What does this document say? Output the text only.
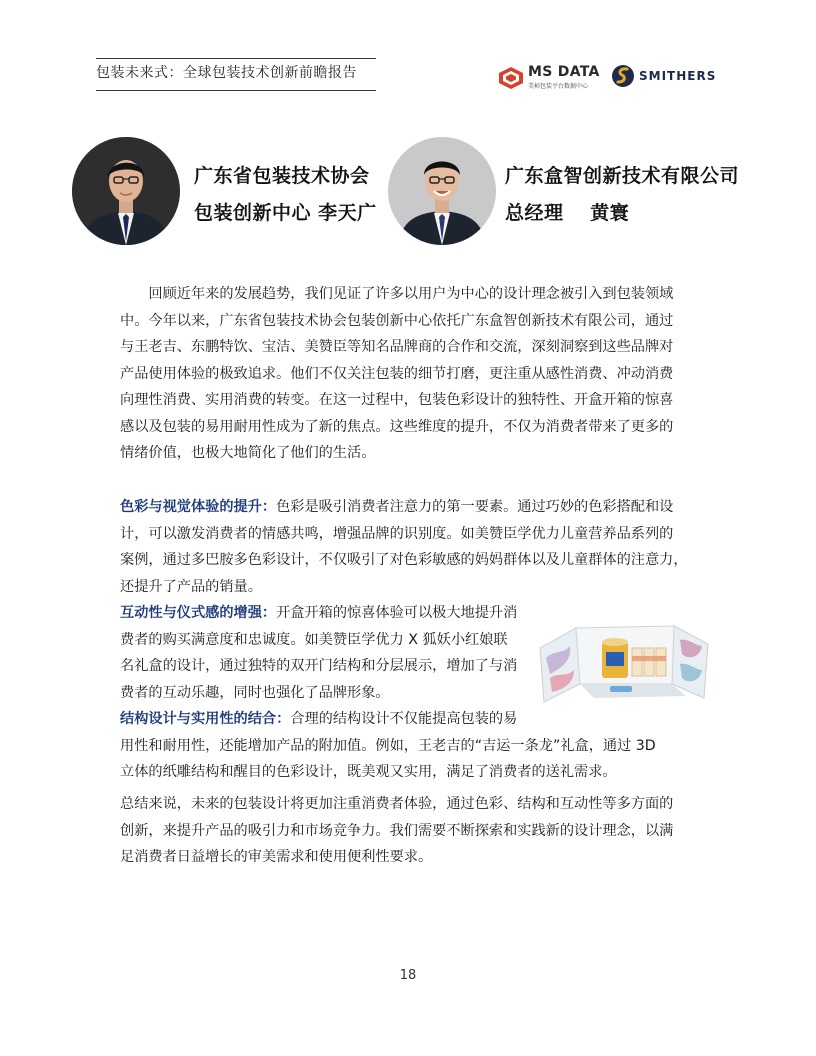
包装未来式：全球包装技术创新前瞻报告	MS DATA
美柿包装平台数据中心
SMITHERS
广东省包装技术协会
包装创新中心 李天广
广东盒智创新技术有限公司
总经理　 黄寰
　　回顾近年来的发展趋势，我们见证了许多以用户为中心的设计理念被引入到包装领域
中。今年以来，广东省包装技术协会包装创新中心依托广东盒智创新技术有限公司，通过
与王老吉、东鹏特饮、宝洁、美赞臣等知名品牌商的合作和交流，深刻洞察到这些品牌对
产品使用体验的极致追求。他们不仅关注包装的细节打磨，更注重从感性消费、冲动消费
向理性消费、实用消费的转变。在这一过程中，包装色彩设计的独特性、开盒开箱的惊喜
感以及包装的易用耐用性成为了新的焦点。这些维度的提升，不仅为消费者带来了更多的
情绪价值，也极大地简化了他们的生活。
色彩与视觉体验的提升：色彩是吸引消费者注意力的第一要素。通过巧妙的色彩搭配和设
计，可以激发消费者的情感共鸣，增强品牌的识别度。如美赞臣学优力儿童营养品系列的
案例，通过多巴胺多色彩设计，不仅吸引了对色彩敏感的妈妈群体以及儿童群体的注意力，
还提升了产品的销量。
互动性与仪式感的增强：开盒开箱的惊喜体验可以极大地提升消
费者的购买满意度和忠诚度。如美赞臣学优力 X 狐妖小红娘联
名礼盒的设计，通过独特的双开门结构和分层展示，增加了与消
费者的互动乐趣，同时也强化了品牌形象。
结构设计与实用性的结合：合理的结构设计不仅能提高包装的易
用性和耐用性，还能增加产品的附加值。例如，王老吉的“吉运一条龙”礼盒，通过 3D
立体的纸雕结构和醒目的色彩设计，既美观又实用，满足了消费者的送礼需求。
总结来说，未来的包装设计将更加注重消费者体验，通过色彩、结构和互动性等多方面的
创新，来提升产品的吸引力和市场竞争力。我们需要不断探索和实践新的设计理念，以满
足消费者日益增长的审美需求和使用便利性要求。
18
